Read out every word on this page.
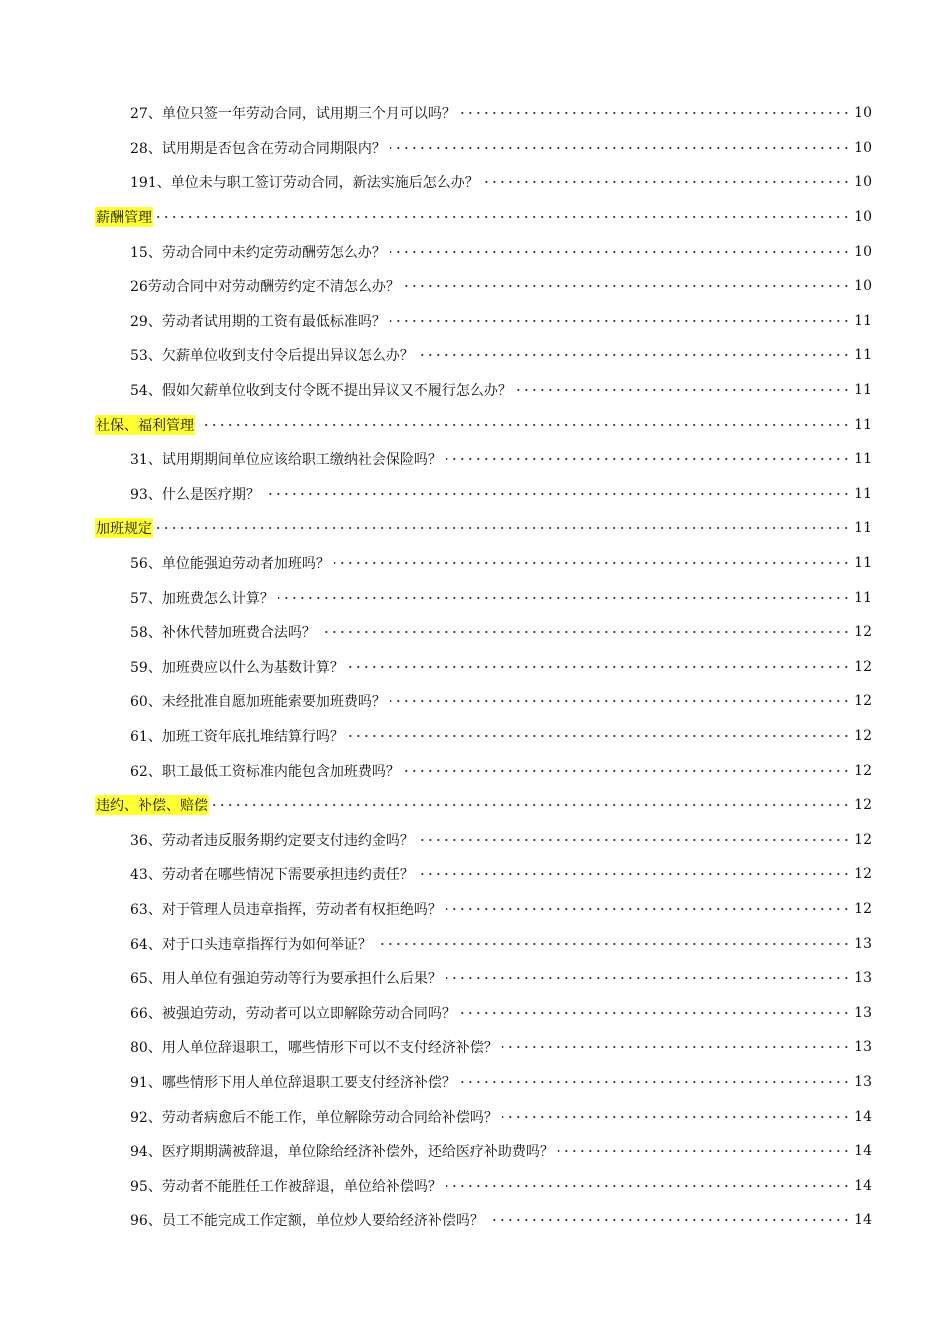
27、单位只签一年劳动合同，试用期三个月可以吗？	10
28、试用期是否包含在劳动合同期限内？	10
191、单位未与职工签订劳动合同，新法实施后怎么办？	10
薪酬管理	10
15、劳动合同中未约定劳动酬劳怎么办？	10
26劳动合同中对劳动酬劳约定不清怎么办？	10
29、劳动者试用期的工资有最低标准吗？	11
53、欠薪单位收到支付令后提出异议怎么办？	11
54、假如欠薪单位收到支付令既不提出异议又不履行怎么办？	11
社保、福利管理	11
31、试用期期间单位应该给职工缴纳社会保险吗？	11
93、什么是医疗期？	11
加班规定	11
56、单位能强迫劳动者加班吗？	11
57、加班费怎么计算？	11
58、补休代替加班费合法吗？	12
59、加班费应以什么为基数计算？	12
60、未经批准自愿加班能索要加班费吗？	12
61、加班工资年底扎堆结算行吗？	12
62、职工最低工资标准内能包含加班费吗？	12
违约、补偿、赔偿	12
36、劳动者违反服务期约定要支付违约金吗？	12
43、劳动者在哪些情况下需要承担违约责任？	12
63、对于管理人员违章指挥，劳动者有权拒绝吗？	12
64、对于口头违章指挥行为如何举证？	13
65、用人单位有强迫劳动等行为要承担什么后果？	13
66、被强迫劳动，劳动者可以立即解除劳动合同吗？	13
80、用人单位辞退职工，哪些情形下可以不支付经济补偿？	13
91、哪些情形下用人单位辞退职工要支付经济补偿？	13
92、劳动者病愈后不能工作，单位解除劳动合同给补偿吗？	14
94、医疗期期满被辞退，单位除给经济补偿外，还给医疗补助费吗？	14
95、劳动者不能胜任工作被辞退，单位给补偿吗？	14
96、员工不能完成工作定额，单位炒人要给经济补偿吗？	14
